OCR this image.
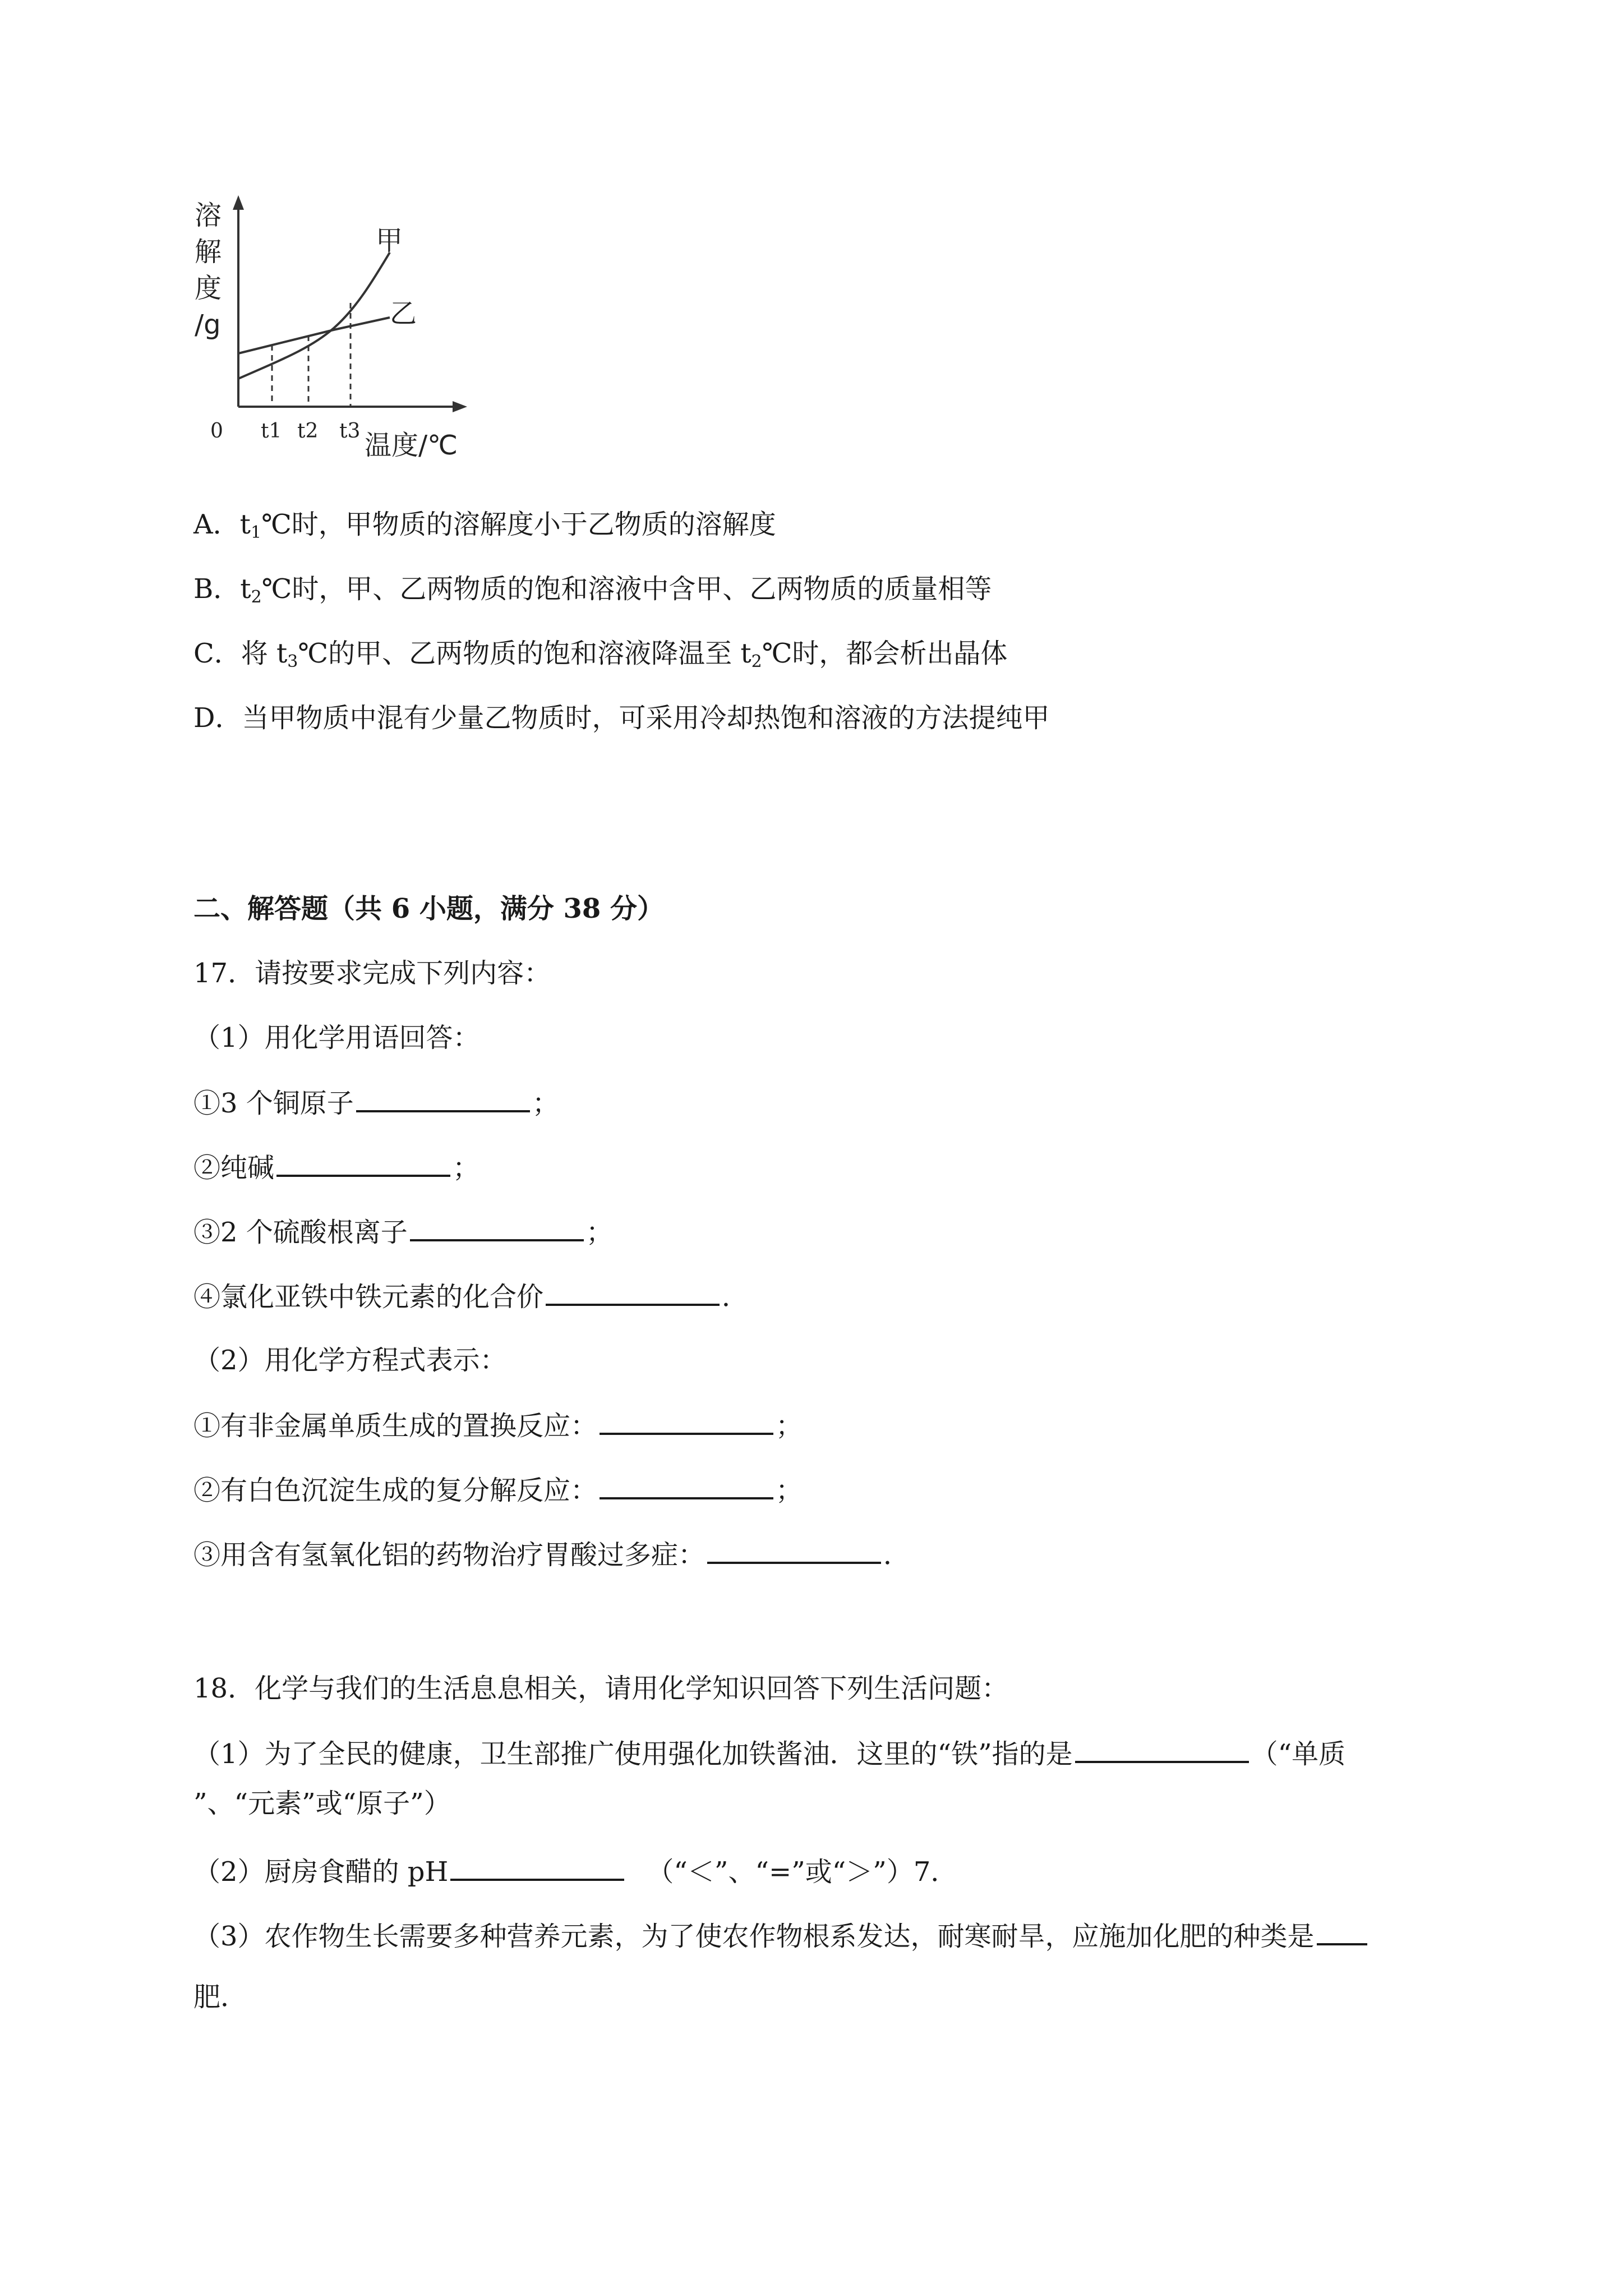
溶
解
度
/g
甲
乙
0 t1 t2 t3 温度/℃
A．$t_1℃$时，甲物质的溶解度小于乙物质的溶解度
B．$t_2℃$时，甲、乙两物质的饱和溶液中含甲、乙两物质的质量相等
C．将 $t_3℃$的甲、乙两物质的饱和溶液降温至 $t_2℃$时，都会析出晶体
D．当甲物质中混有少量乙物质时，可采用冷却热饱和溶液的方法提纯甲
二、解答题（共 6 小题，满分 38 分）
17．请按要求完成下列内容：
（1）用化学用语回答：
①3 个铜原子	；
②纯碱	；
③2 个硫酸根离子	；
④氯化亚铁中铁元素的化合价	．
（2）用化学方程式表示：
①有非金属单质生成的置换反应：	；
②有白色沉淀生成的复分解反应：	；
③用含有氢氧化铝的药物治疗胃酸过多症：	．
18．化学与我们的生活息息相关，请用化学知识回答下列生活问题：
（1）为了全民的健康，卫生部推广使用强化加铁酱油．这里的“铁”指的是	（“单质
”、“元素”或“原子”）
（2）厨房食醋的 pH	（“＜”、“=”或“＞”）7．
（3）农作物生长需要多种营养元素，为了使农作物根系发达，耐寒耐旱，应施加化肥的种类是
肥．
